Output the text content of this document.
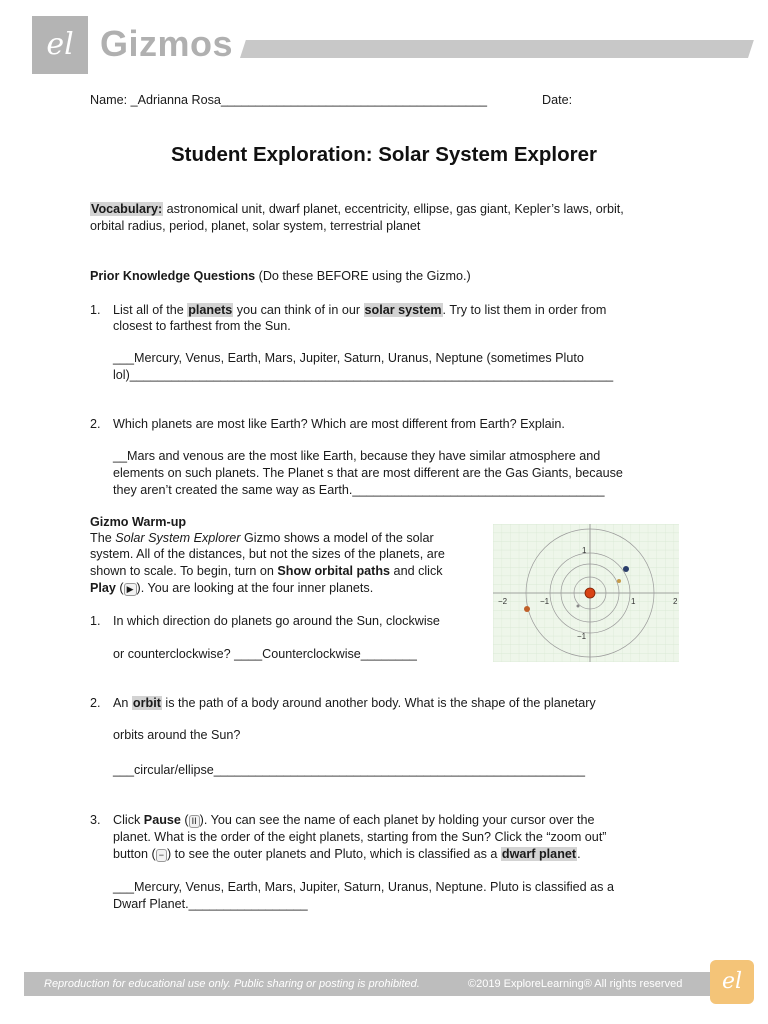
el Gizmos
Name: _Adrianna Rosa______________________________________	Date:
Student Exploration: Solar System Explorer
Vocabulary: astronomical unit, dwarf planet, eccentricity, ellipse, gas giant, Kepler’s laws, orbit,
orbital radius, period, planet, solar system, terrestrial planet
Prior Knowledge Questions (Do these BEFORE using the Gizmo.)
1. List all of the planets you can think of in our solar system. Try to list them in order from
closest to farthest from the Sun.
___Mercury, Venus, Earth, Mars, Jupiter, Saturn, Uranus, Neptune (sometimes Pluto
lol)_____________________________________________________________________
2. Which planets are most like Earth? Which are most different from Earth? Explain.
__Mars and venous are the most like Earth, because they have similar atmosphere and
elements on such planets. The Planet s that are most different are the Gas Giants, because
they aren’t created the same way as Earth.____________________________________
Gizmo Warm-up
The Solar System Explorer Gizmo shows a model of the solar
system. All of the distances, but not the sizes of the planets, are
shown to scale. To begin, turn on Show orbital paths and click
Play ( ▶ ). You are looking at the four inner planets.
1. In which direction do planets go around the Sun, clockwise
or counterclockwise? ____Counterclockwise________
−2	−1	1	2
1
−1
2. An orbit is the path of a body around another body. What is the shape of the planetary
orbits around the Sun?
___circular/ellipse_____________________________________________________
3. Click Pause ( II ). You can see the name of each planet by holding your cursor over the
planet. What is the order of the eight planets, starting from the Sun? Click the “zoom out”
button ( − ) to see the outer planets and Pluto, which is classified as a dwarf planet.
___Mercury, Venus, Earth, Mars, Jupiter, Saturn, Uranus, Neptune. Pluto is classified as a
Dwarf Planet._________________
Reproduction for educational use only. Public sharing or posting is prohibited.	©2019 ExploreLearning® All rights reserved	el
